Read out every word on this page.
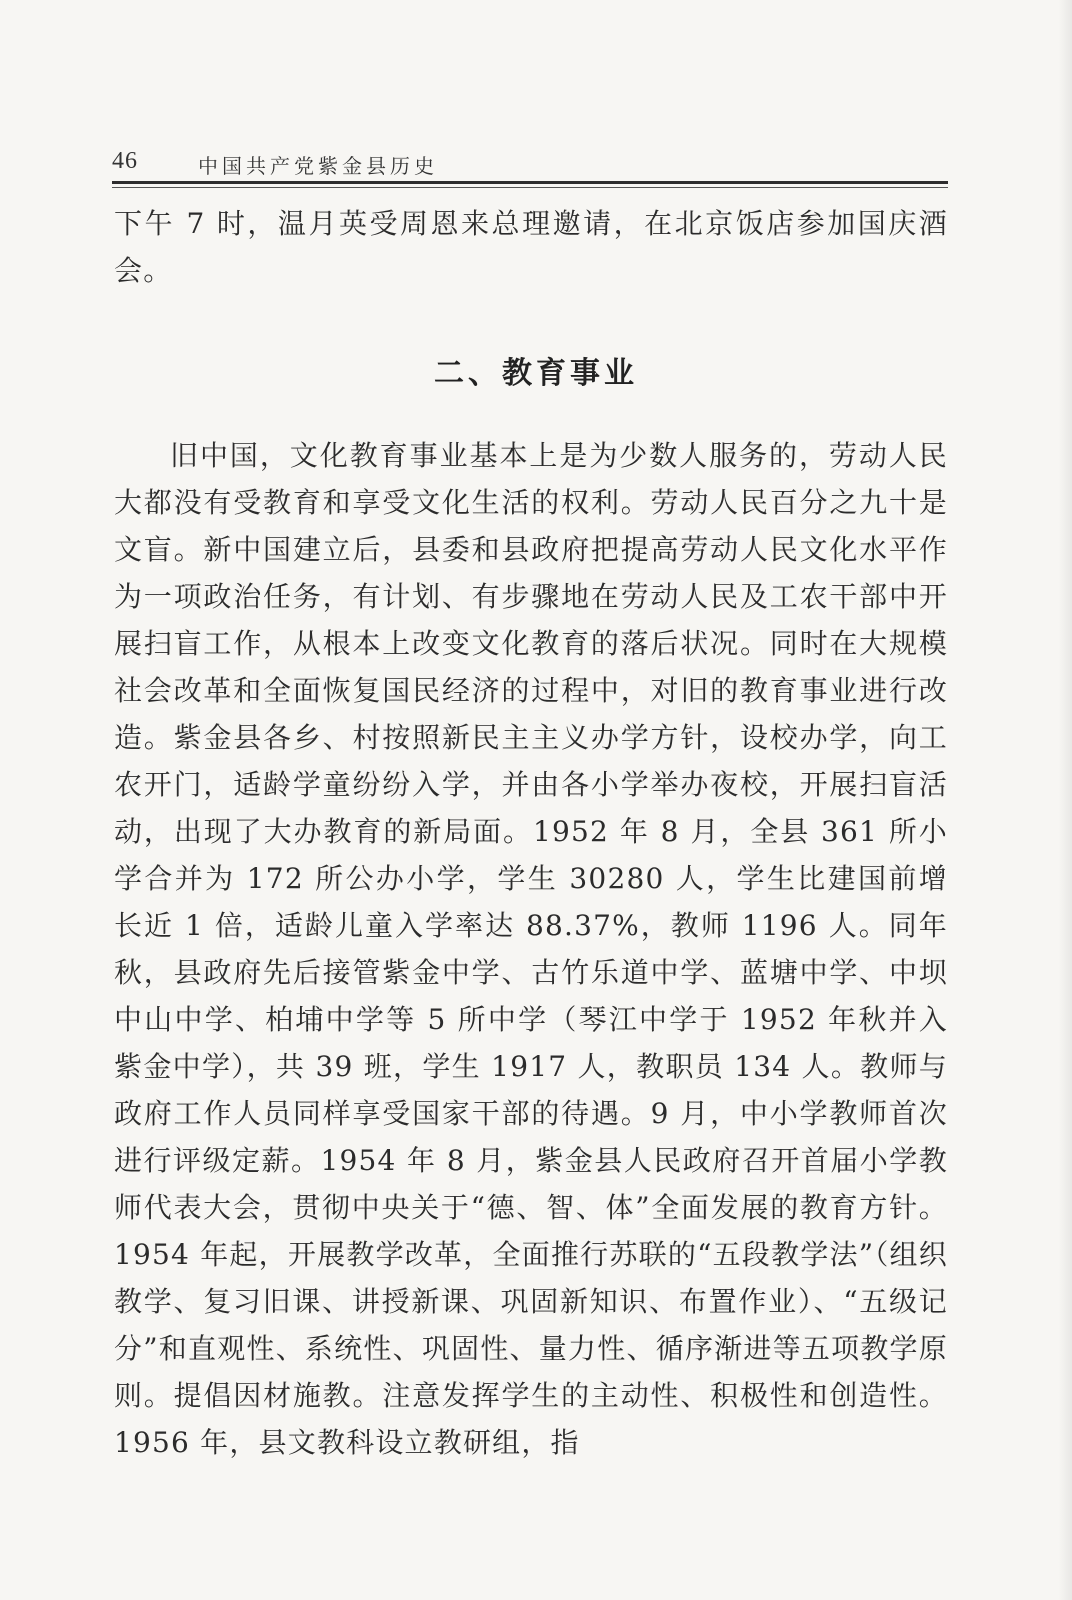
46	中国共产党紫金县历史

下午 7 时，温月英受周恩来总理邀请，在北京饭店参加国庆酒会。

二、教育事业

旧中国，文化教育事业基本上是为少数人服务的，劳动人民大都没有受教育和享受文化生活的权利。劳动人民百分之九十是文盲。新中国建立后，县委和县政府把提高劳动人民文化水平作为一项政治任务，有计划、有步骤地在劳动人民及工农干部中开展扫盲工作，从根本上改变文化教育的落后状况。同时在大规模社会改革和全面恢复国民经济的过程中，对旧的教育事业进行改造。紫金县各乡、村按照新民主主义办学方针，设校办学，向工农开门，适龄学童纷纷入学，并由各小学举办夜校，开展扫盲活动，出现了大办教育的新局面。1952 年 8 月，全县 361 所小学合并为 172 所公办小学，学生 30280 人，学生比建国前增长近 1 倍，适龄儿童入学率达 88.37%，教师 1196 人。同年秋，县政府先后接管紫金中学、古竹乐道中学、蓝塘中学、中坝中山中学、柏埔中学等 5 所中学（琴江中学于 1952 年秋并入紫金中学），共 39 班，学生 1917 人，教职员 134 人。教师与政府工作人员同样享受国家干部的待遇。9 月，中小学教师首次进行评级定薪。1954 年 8 月，紫金县人民政府召开首届小学教师代表大会，贯彻中央关于“德、智、体”全面发展的教育方针。1954 年起，开展教学改革，全面推行苏联的“五段教学法”（组织教学、复习旧课、讲授新课、巩固新知识、布置作业）、“五级记分”和直观性、系统性、巩固性、量力性、循序渐进等五项教学原则。提倡因材施教。注意发挥学生的主动性、积极性和创造性。1956 年，县文教科设立教研组，指
